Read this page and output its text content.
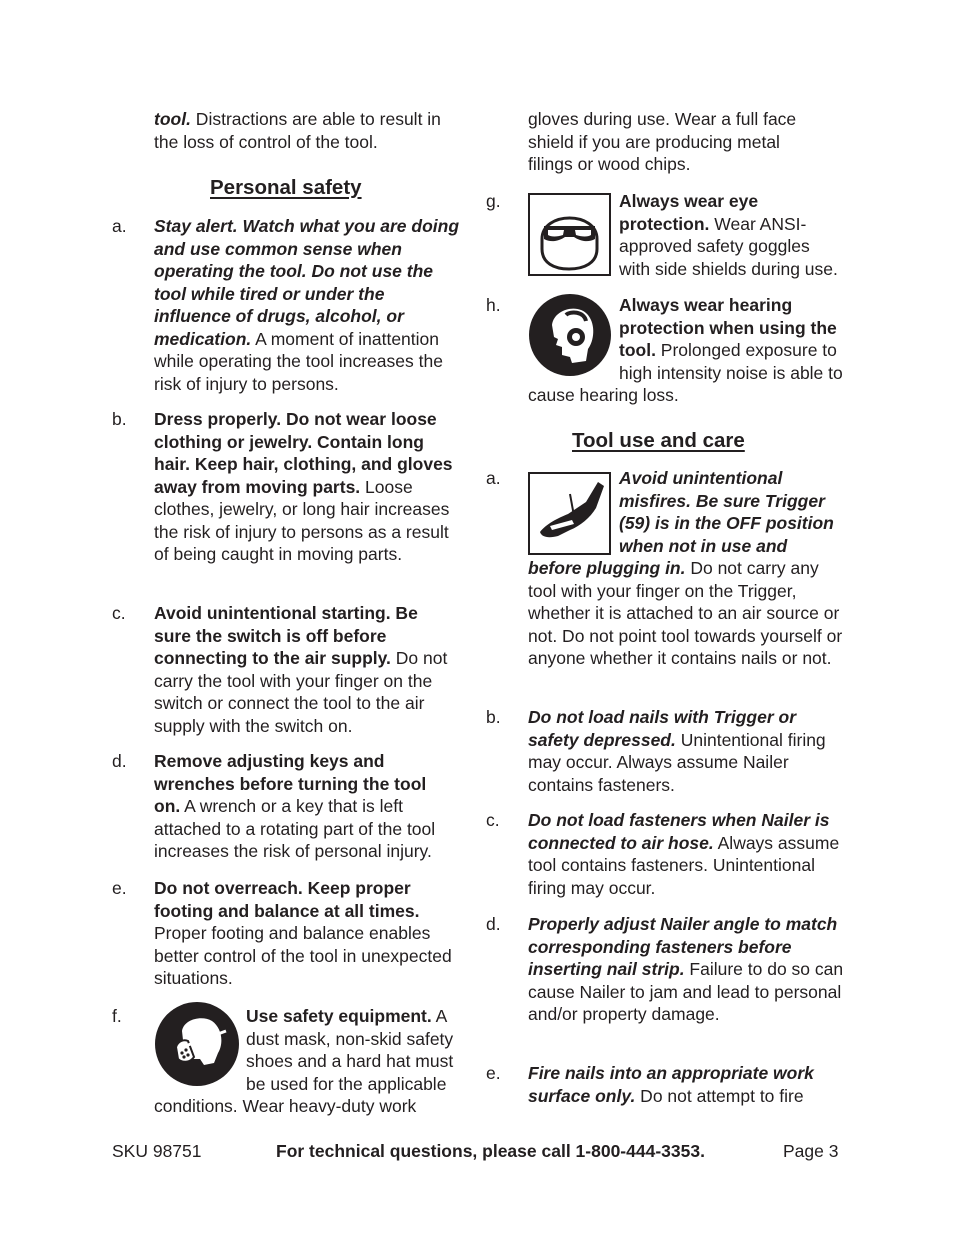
tool. Distractions are able to result in the loss of control of the tool.
Personal safety
a. Stay alert. Watch what you are doing and use common sense when operating the tool. Do not use the tool while tired or under the influence of drugs, alcohol, or medication. A moment of inattention while operating the tool increases the risk of injury to persons.
b. Dress properly. Do not wear loose clothing or jewelry. Contain long hair. Keep hair, clothing, and gloves away from moving parts. Loose clothes, jewelry, or long hair increases the risk of injury to persons as a result of being caught in moving parts.
c. Avoid unintentional starting. Be sure the switch is off before connecting to the air supply. Do not carry the tool with your finger on the switch or connect the tool to the air supply with the switch on.
d. Remove adjusting keys and wrenches before turning the tool on. A wrench or a key that is left attached to a rotating part of the tool increases the risk of personal injury.
e. Do not overreach. Keep proper footing and balance at all times. Proper footing and balance enables better control of the tool in unexpected situations.
f.	Use safety equipment. A dust mask, non-skid safety shoes and a hard hat must be used for the applicable conditions. Wear heavy-duty work
gloves during use. Wear a full face shield if you are producing metal filings or wood chips.
g.	Always wear eye protection. Wear ANSI-approved safety goggles with side shields during use.
h.	Always wear hearing protection when using the tool. Prolonged exposure to high intensity noise is able to cause hearing loss.
Tool use and care
a.	Avoid unintentional misfires. Be sure Trigger (59) is in the OFF position when not in use and before plugging in. Do not carry any tool with your finger on the Trigger, whether it is attached to an air source or not. Do not point tool towards yourself or anyone whether it contains nails or not.
b. Do not load nails with Trigger or safety depressed. Unintentional firing may occur. Always assume Nailer contains fasteners.
c. Do not load fasteners when Nailer is connected to air hose. Always assume tool contains fasteners. Unintentional firing may occur.
d. Properly adjust Nailer angle to match corresponding fasteners before inserting nail strip. Failure to do so can cause Nailer to jam and lead to personal and/or property damage.
e. Fire nails into an appropriate work surface only. Do not attempt to fire
SKU 98751	For technical questions, please call 1-800-444-3353.	Page 3
